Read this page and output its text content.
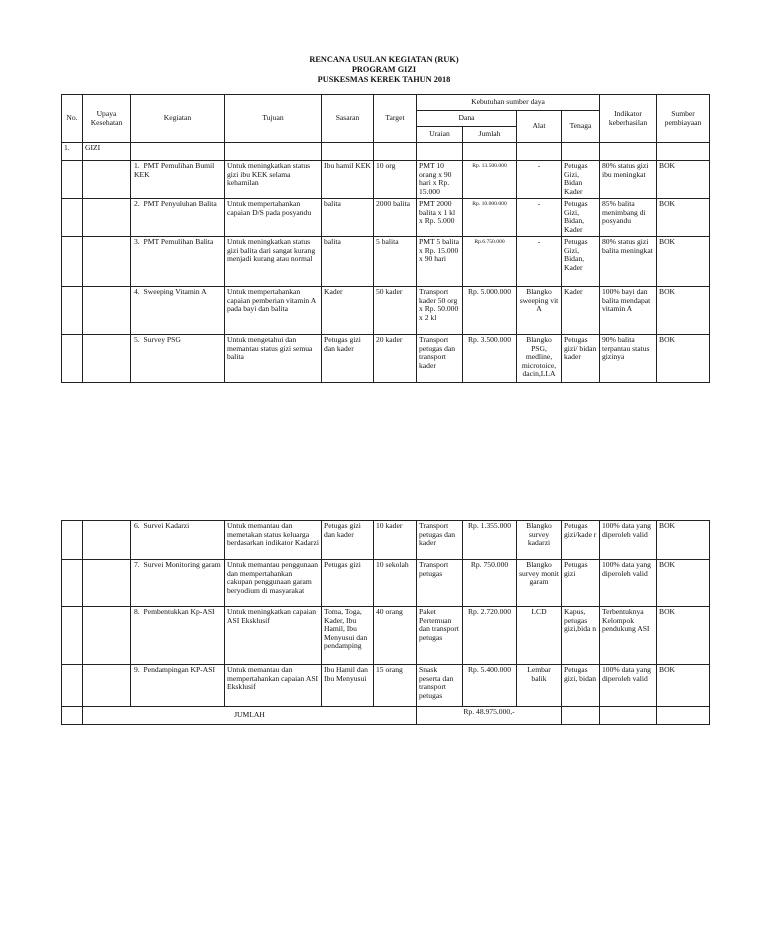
RENCANA USULAN KEGIATAN (RUK)
PROGRAM GIZI
PUSKESMAS KEREK TAHUN 2018
No.	Upaya Kesehatan	Kegiatan	Tujuan	Sasaran	Target	Kebutuhan sumber daya				Indikator keberhasilan	Sumber pembiayaan
						Dana		Alat	Tenaga		
						Uraian	Jumlah				
1.	GIZI										
		1. PMT Pemulihan Bumil KEK	Untuk meningkatkan status gizi ibu KEK selama kehamilan	Ibu hamil KEK	10 org	PMT 10 orang x 90 hari x Rp. 15.000	Rp. 13.500.000	-	Petugas Gizi, Bidan Kader	80% status gizi ibu meningkat	BOK
		2. PMT Penyuluhan Balita	Untuk mempertahankan capaian D/S pada posyandu	balita	2000 balita	PMT 2000 balita x 1 kl x Rp. 5.000	Rp. 10.000.000	-	Petugas Gizi, Bidan, Kader	85% balita menimbang di posyandu	BOK
		3. PMT Pemulihan Balita	Untuk meningkatkan status gizi balita dari sangat kurang menjadi kurang atau normal	balita	5 balita	PMT 5 balita x Rp. 15.000 x 90 hari	Rp.6.750.000	-	Petugas Gizi, Bidan, Kader	80% status gizi balita meningkat	BOK
		4. Sweeping Vitamin A	Untuk mempertahankan capaian pemberian vitamin A pada bayi dan balita	Kader	50 kader	Transport kader 50 org x Rp. 50.000 x 2 kl	Rp. 5.000.000	Blangko sweeping vit A	Kader	100% bayi dan balita mendapat vitamin A	BOK
		5. Survey PSG	Untuk mengetahui dan memantau status gizi semua balita	Petugas gizi dan kader	20 kader	Transport petugas dan transport kader	Rp. 3.500.000	Blangko PSG, medline, microtoice, dacin,LLA	Petugas gizi/ bidan kader	90% balita terpantau status gizinya	BOK
		6. Survei Kadarzi	Untuk memantau dan memetakan status keluarga berdasarkan indikator Kadarzi	Petugas gizi dan kader	10 kader	Transport petugas dan kader	Rp. 1.355.000	Blangko survey kadarzi	Petugas gizi/kade r	100% data yang diperoleh valid	BOK
		7. Survei Monitoring garam	Untuk memantau penggunaan dan mempertahankan cakupan penggunaan garam beryodium di masyarakat	Petugas gizi	10 sekolah	Transport petugas	Rp. 750.000	Blangko survey monit garam	Petugas gizi	100% data yang diperoleh valid	BOK
		8. Pembentukkan Kp-ASI	Untuk meningkatkan capaian ASI Eksklusif	Toma, Toga, Kader, Ibu Hamil, Ibu Menyusui dan pendamping	40 orang	Paket Pertemuan dan transport petugas	Rp. 2.720.000	LCD	Kapus, petugas gizi,bida n	Terbentuknya Kelompok pendukung ASI	BOK
		9. Pendampingan KP-ASI	Untuk memantau dan mempertahankan capaian ASI Eksklusif	Ibu Hamil dan Ibu Menyusui	15 orang	Snask peserta dan transport petugas	Rp. 5.400.000	Lembar balik	Petugas gizi, bidan	100% data yang diperoleh valid	BOK
	JUMLAH					Rp. 48.975.000,-					
